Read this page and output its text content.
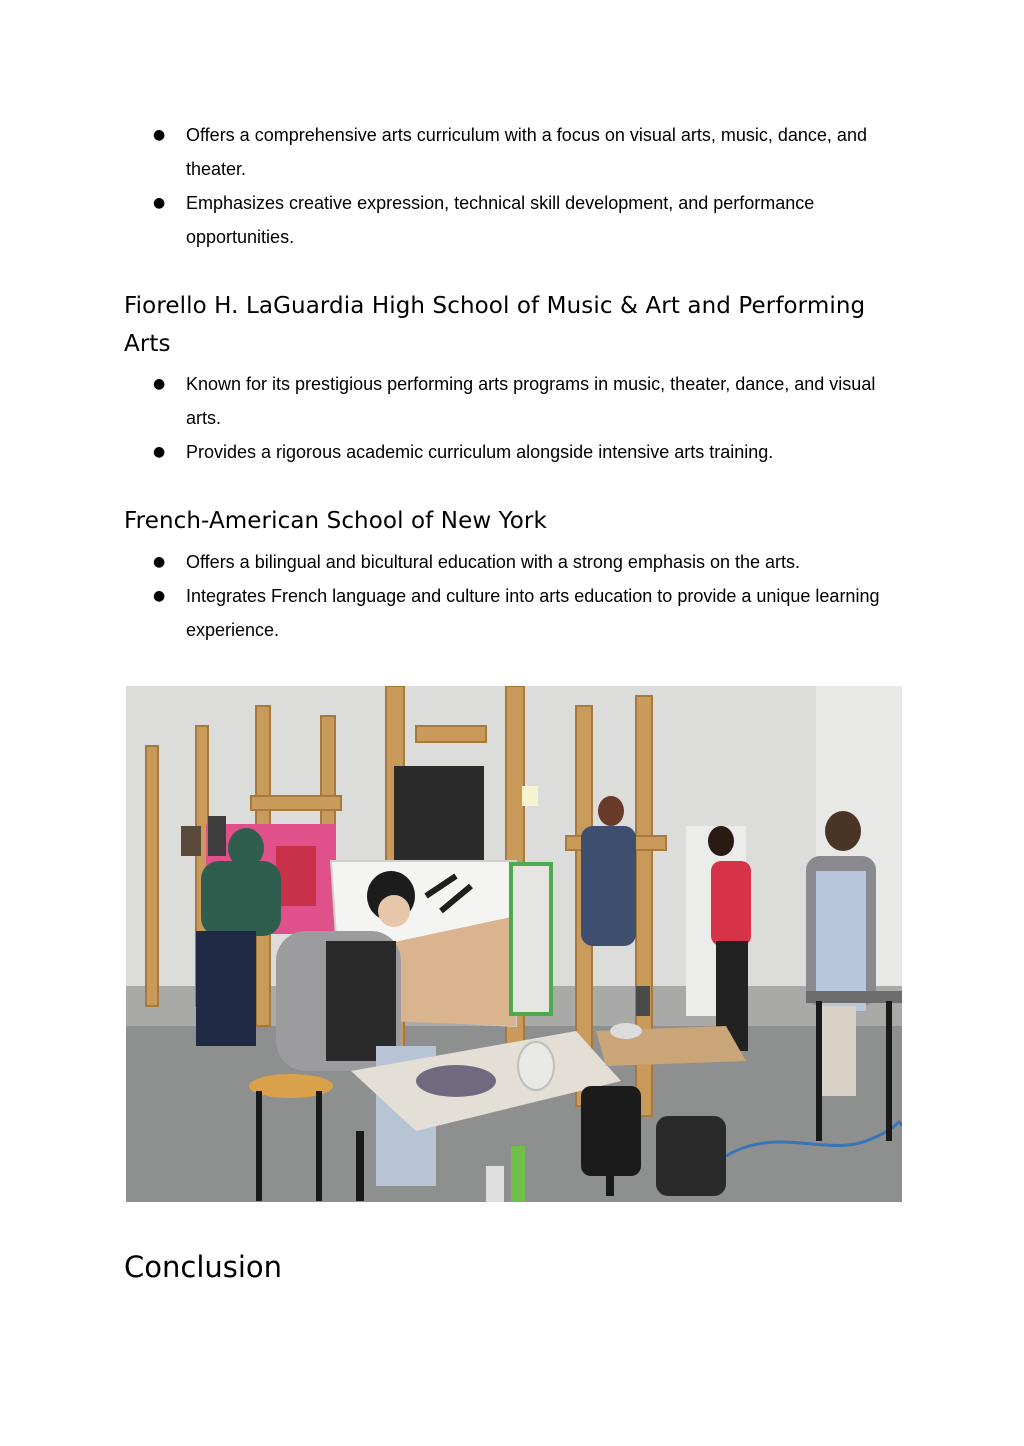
● Offers a comprehensive arts curriculum with a focus on visual arts, music, dance, and theater.
● Emphasizes creative expression, technical skill development, and performance opportunities.
Fiorello H. LaGuardia High School of Music & Art and Performing Arts
● Known for its prestigious performing arts programs in music, theater, dance, and visual arts.
● Provides a rigorous academic curriculum alongside intensive arts training.
French-American School of New York
● Offers a bilingual and bicultural education with a strong emphasis on the arts.
● Integrates French language and culture into arts education to provide a unique learning experience.
Conclusion
